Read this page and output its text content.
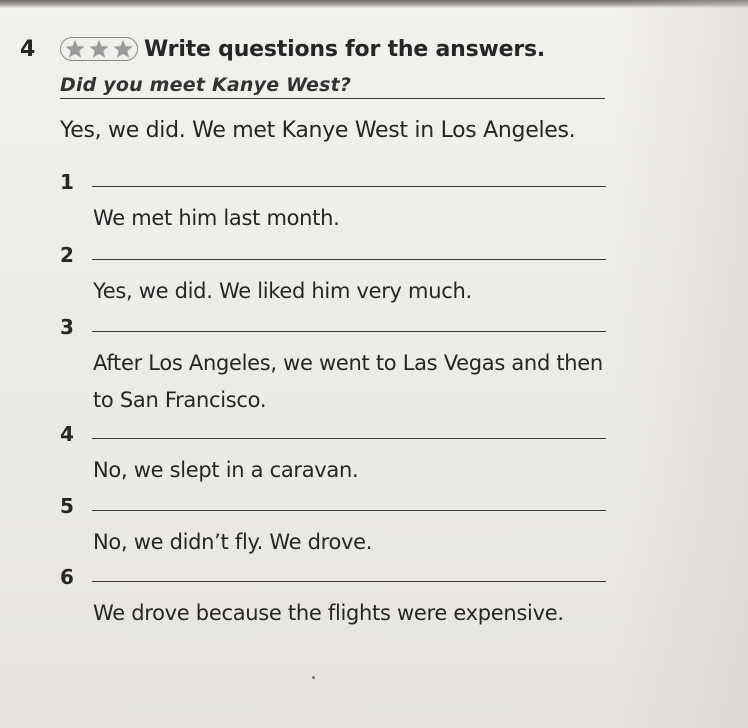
4	Write questions for the answers.
Did you meet Kanye West?
Yes, we did. We met Kanye West in Los Angeles.
1
We met him last month.
2
Yes, we did. We liked him very much.
3
After Los Angeles, we went to Las Vegas and then to San Francisco.
4
No, we slept in a caravan.
5
No, we didn’t fly. We drove.
6
We drove because the flights were expensive.
